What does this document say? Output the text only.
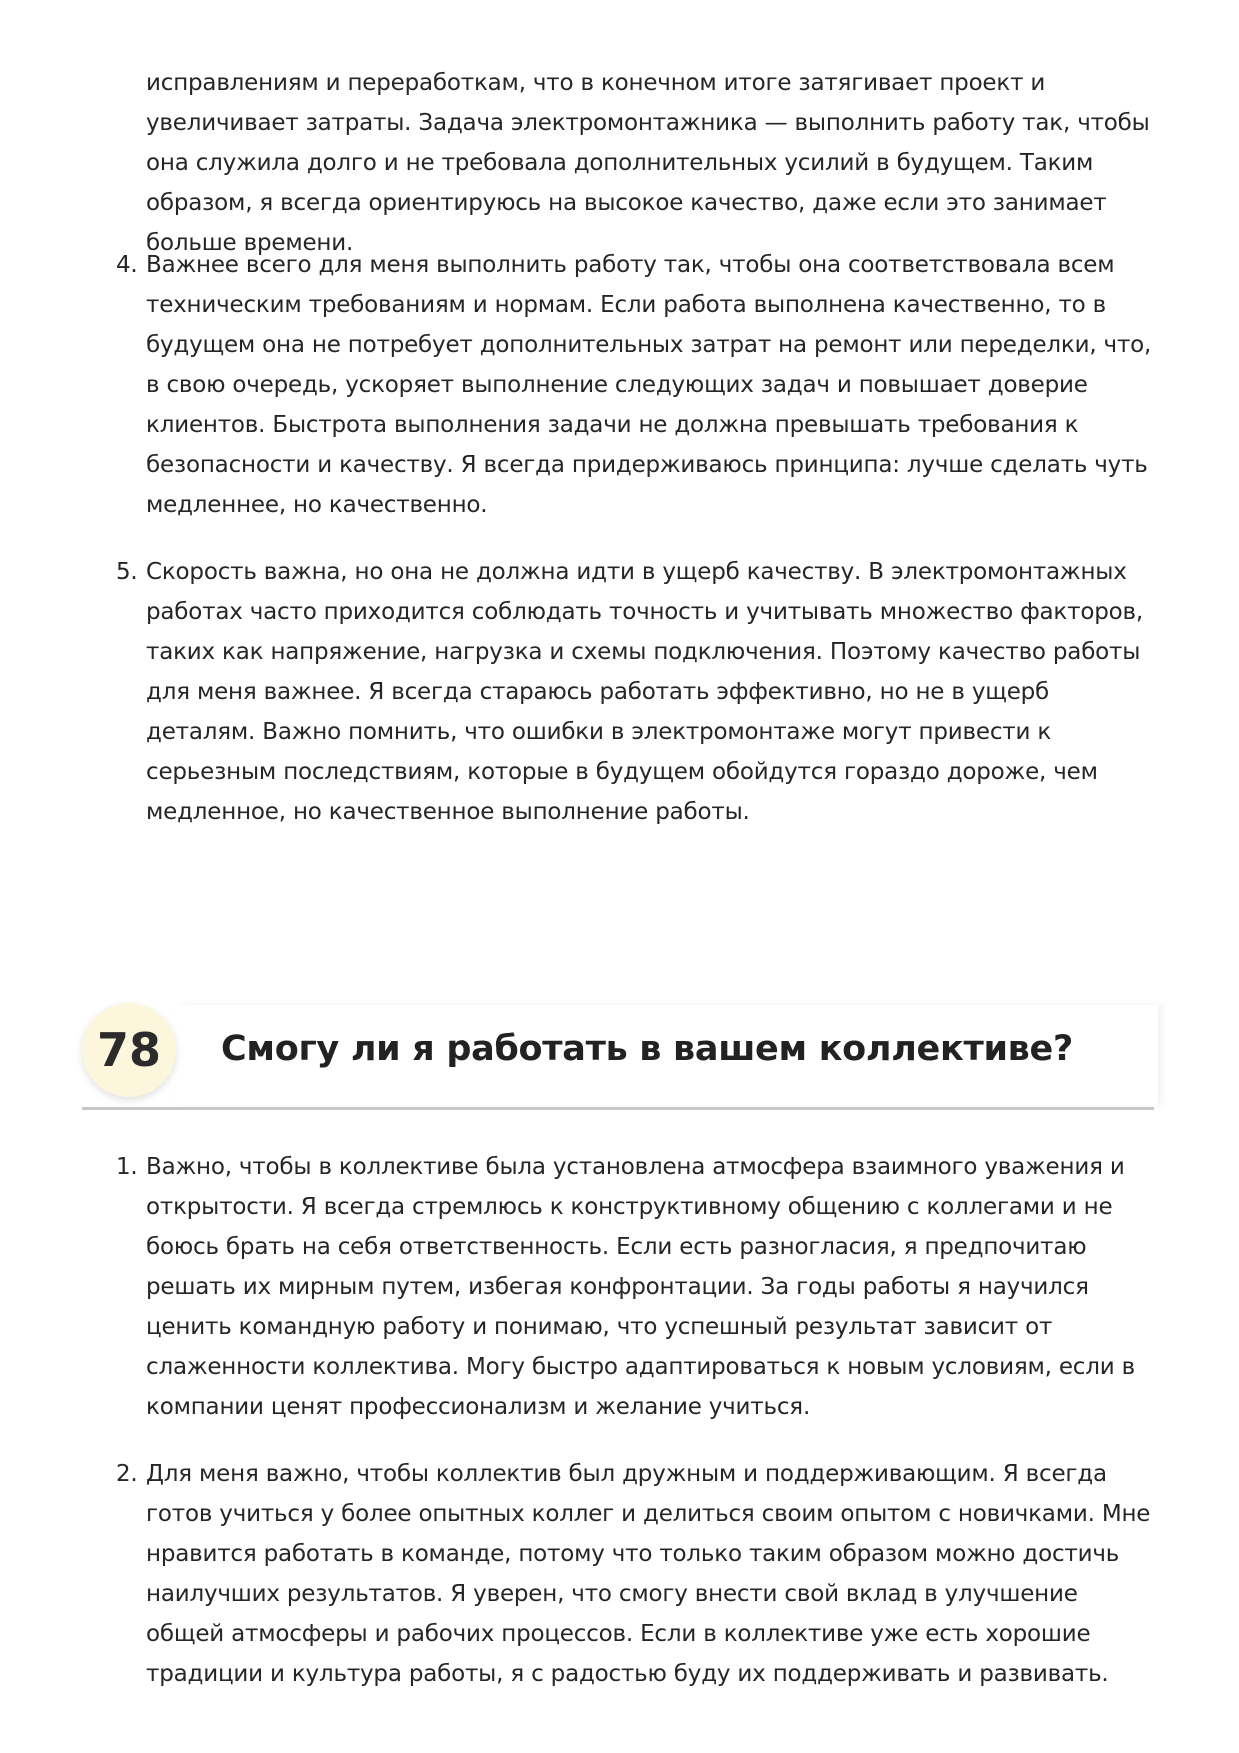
исправлениям и переработкам, что в конечном итоге затягивает проект и увеличивает затраты. Задача электромонтажника — выполнить работу так, чтобы она служила долго и не требовала дополнительных усилий в будущем. Таким образом, я всегда ориентируюсь на высокое качество, даже если это занимает больше времени.

4. Важнее всего для меня выполнить работу так, чтобы она соответствовала всем техническим требованиям и нормам. Если работа выполнена качественно, то в будущем она не потребует дополнительных затрат на ремонт или переделки, что, в свою очередь, ускоряет выполнение следующих задач и повышает доверие клиентов. Быстрота выполнения задачи не должна превышать требования к безопасности и качеству. Я всегда придерживаюсь принципа: лучше сделать чуть медленнее, но качественно.
5. Скорость важна, но она не должна идти в ущерб качеству. В электромонтажных работах часто приходится соблюдать точность и учитывать множество факторов, таких как напряжение, нагрузка и схемы подключения. Поэтому качество работы для меня важнее. Я всегда стараюсь работать эффективно, но не в ущерб деталям. Важно помнить, что ошибки в электромонтаже могут привести к серьезным последствиям, которые в будущем обойдутся гораздо дороже, чем медленное, но качественное выполнение работы.
78	Смогу ли я работать в вашем коллективе?
1. Важно, чтобы в коллективе была установлена атмосфера взаимного уважения и открытости. Я всегда стремлюсь к конструктивному общению с коллегами и не боюсь брать на себя ответственность. Если есть разногласия, я предпочитаю решать их мирным путем, избегая конфронтации. За годы работы я научился ценить командную работу и понимаю, что успешный результат зависит от слаженности коллектива. Могу быстро адаптироваться к новым условиям, если в компании ценят профессионализм и желание учиться.
2. Для меня важно, чтобы коллектив был дружным и поддерживающим. Я всегда готов учиться у более опытных коллег и делиться своим опытом с новичками. Мне нравится работать в команде, потому что только таким образом можно достичь наилучших результатов. Я уверен, что смогу внести свой вклад в улучшение общей атмосферы и рабочих процессов. Если в коллективе уже есть хорошие традиции и культура работы, я с радостью буду их поддерживать и развивать.
